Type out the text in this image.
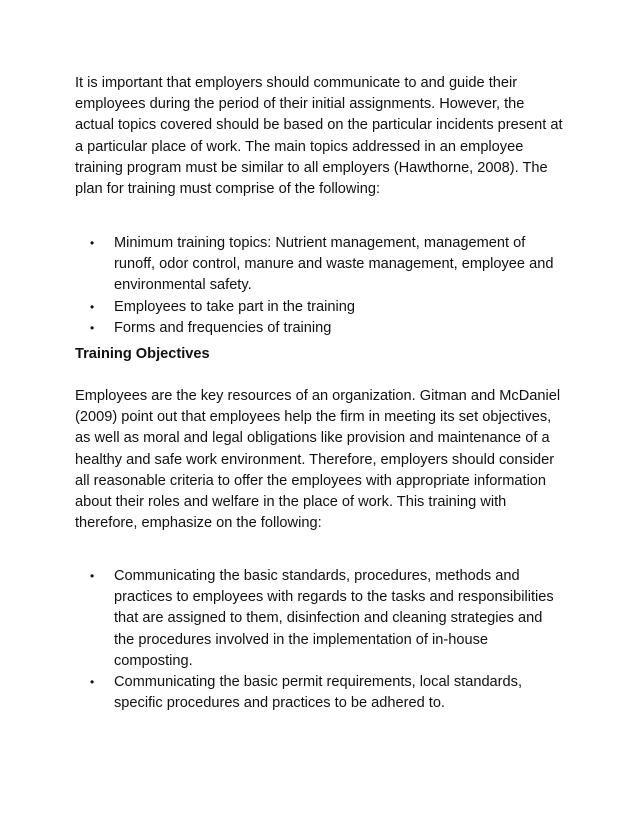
It is important that employers should communicate to and guide their employees during the period of their initial assignments. However, the actual topics covered should be based on the particular incidents present at a particular place of work. The main topics addressed in an employee training program must be similar to all employers (Hawthorne, 2008). The plan for training must comprise of the following:

• Minimum training topics: Nutrient management, management of runoff, odor control, manure and waste management, employee and environmental safety.
• Employees to take part in the training
• Forms and frequencies of training
Training Objectives

Employees are the key resources of an organization. Gitman and McDaniel (2009) point out that employees help the firm in meeting its set objectives, as well as moral and legal obligations like provision and maintenance of a healthy and safe work environment. Therefore, employers should consider all reasonable criteria to offer the employees with appropriate information about their roles and welfare in the place of work. This training with therefore, emphasize on the following:

• Communicating the basic standards, procedures, methods and practices to employees with regards to the tasks and responsibilities that are assigned to them, disinfection and cleaning strategies and the procedures involved in the implementation of in-house composting.
• Communicating the basic permit requirements, local standards, specific procedures and practices to be adhered to.
